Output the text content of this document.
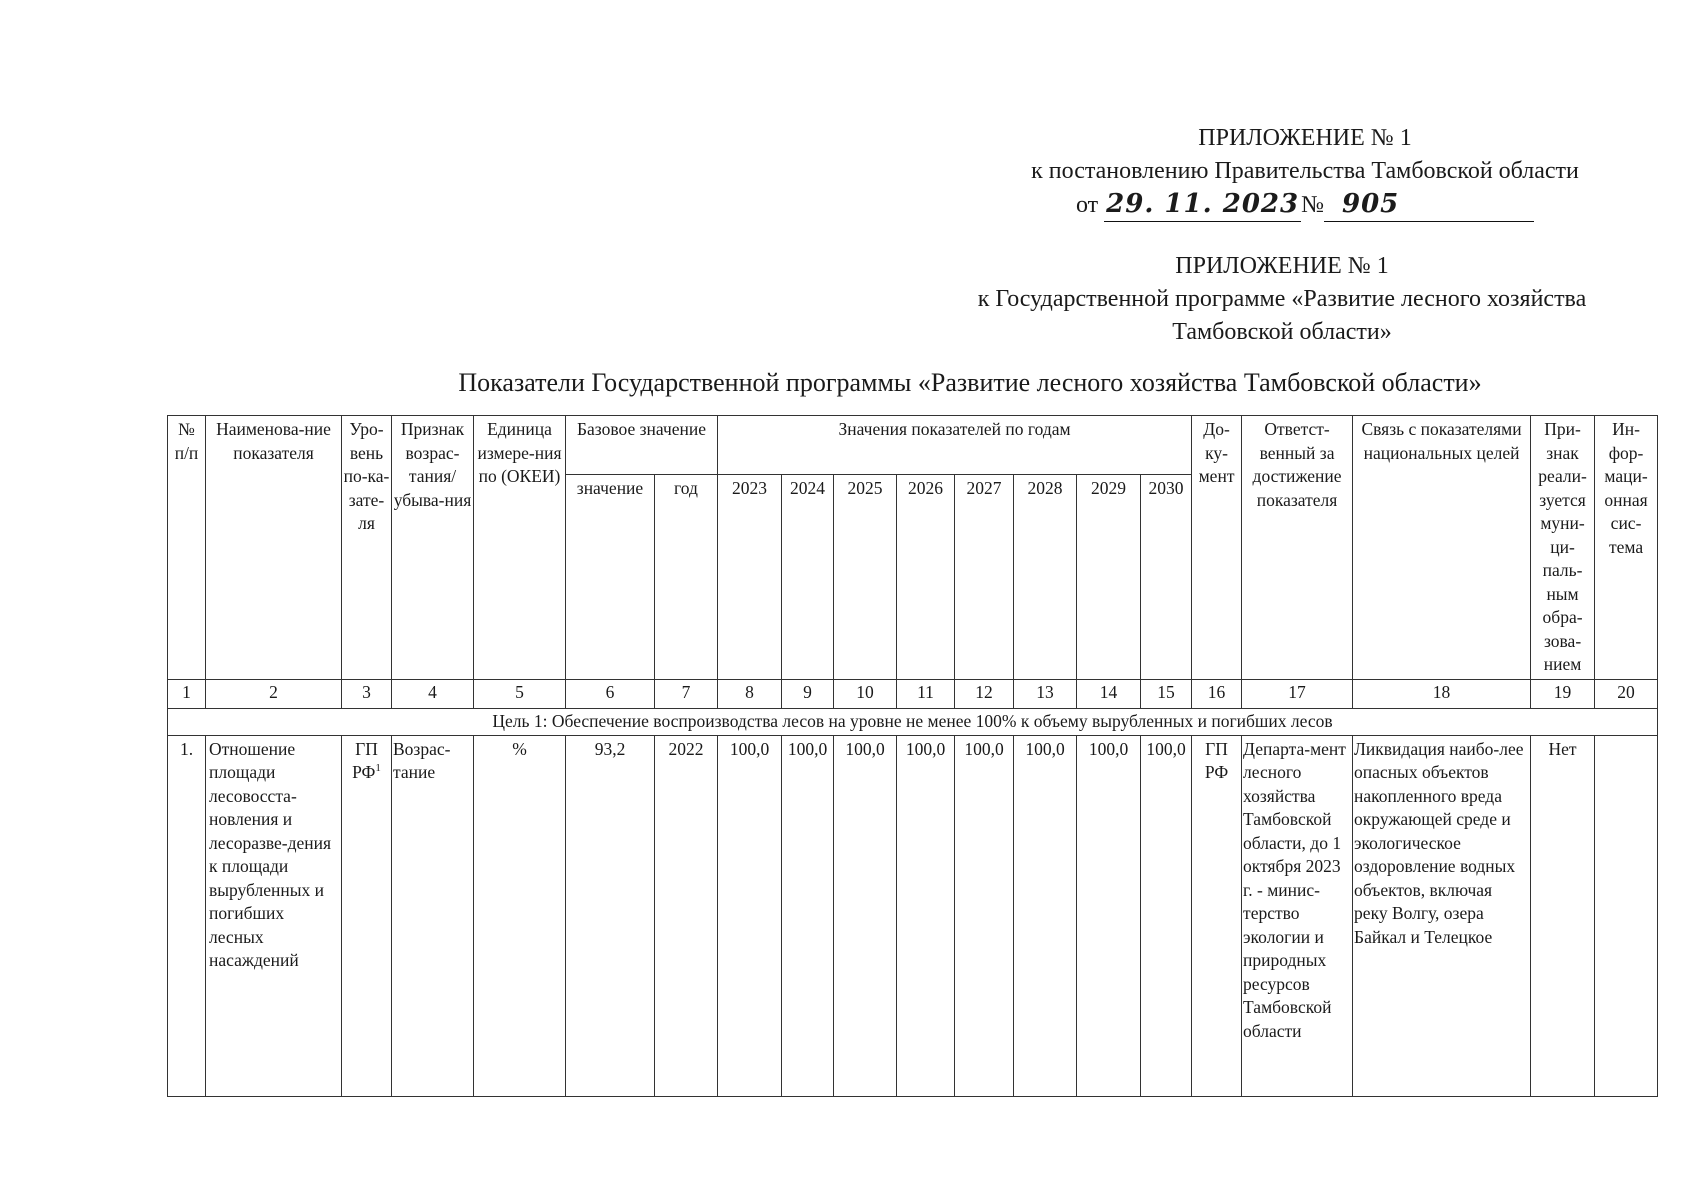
ПРИЛОЖЕНИЕ № 1
к постановлению Правительства Тамбовской области
от 29. 11. 2023№ 905
ПРИЛОЖЕНИЕ № 1
к Государственной программе «Развитие лесного хозяйства
Тамбовской области»
Показатели Государственной программы «Развитие лесного хозяйства Тамбовской области»
№ п/п	Наименова-ние показателя	Уро-вень по-ка-зате-ля	Признак возрас-тания/ убыва-ния	Единица измере-ния по (ОКЕИ)	Базовое значение		Значения показателей по годам								До-ку-мент	Ответст-венный за достижение показателя	Связь с показателями национальных целей	При-знак реали-зуется муни-ци-паль-ным обра-зова-нием	Ин-фор-маци-онная сис-тема
					значение	год	2023	2024	2025	2026	2027	2028	2029	2030					
1	2	3	4	5	6	7	8	9	10	11	12	13	14	15	16	17	18	19	20
Цель 1: Обеспечение воспроизводства лесов на уровне не менее 100% к объему вырубленных и погибших лесов																			
1.	Отношение площади лесовосста-новления и лесоразве-дения к площади вырубленных и погибших лесных насаждений	ГП $РФ^1$	Возрас-тание	%	93,2	2022	100,0	100,0	100,0	100,0	100,0	100,0	100,0	100,0	ГП РФ	Департа-мент лесного хозяйства Тамбовской области, до 1 октября 2023 г. - минис-терство экологии и природных ресурсов Тамбовской области	Ликвидация наибо-лее опасных объектов накопленного вреда окружающей среде и экологическое оздоровление водных объектов, включая реку Волгу, озера Байкал и Телецкое	Нет	
